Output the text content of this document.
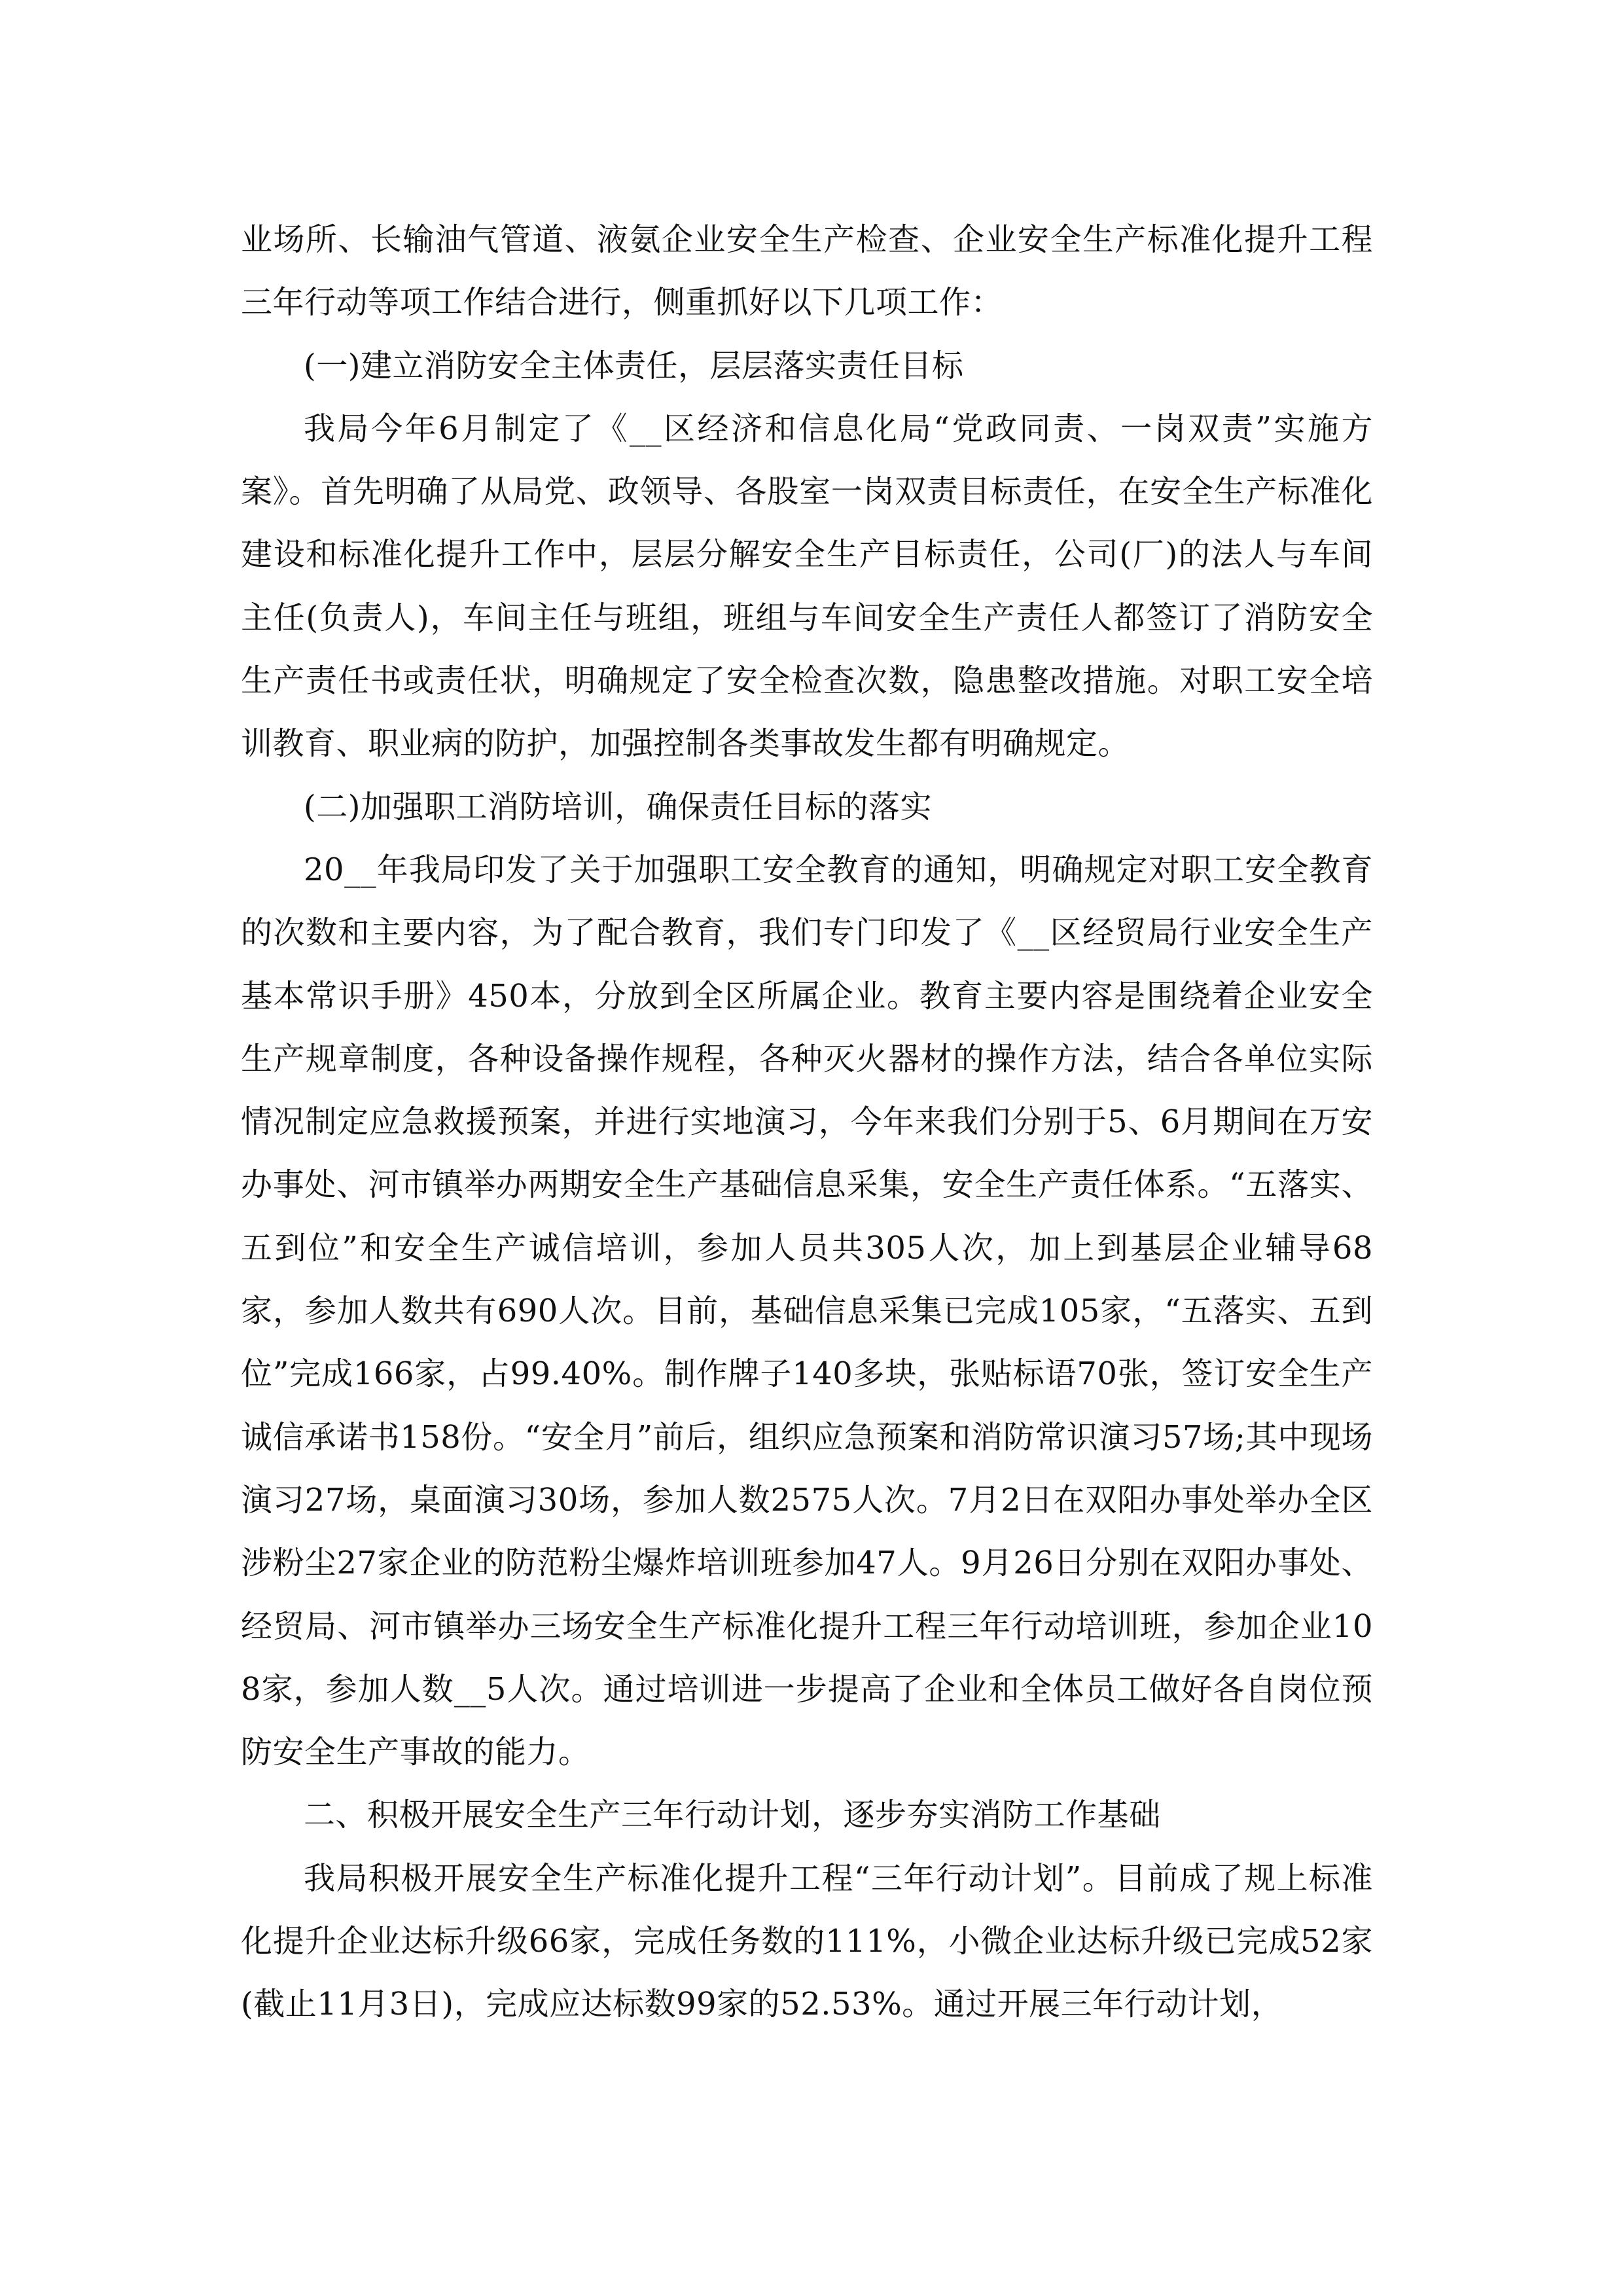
业场所、长输油气管道、液氨企业安全生产检查、企业安全生产标准化提升工程三年行动等项工作结合进行，侧重抓好以下几项工作：

(一)建立消防安全主体责任，层层落实责任目标

我局今年6月制定了《__区经济和信息化局“党政同责、一岗双责”实施方案》。首先明确了从局党、政领导、各股室一岗双责目标责任，在安全生产标准化建设和标准化提升工作中，层层分解安全生产目标责任，公司(厂)的法人与车间主任(负责人)，车间主任与班组，班组与车间安全生产责任人都签订了消防安全生产责任书或责任状，明确规定了安全检查次数，隐患整改措施。对职工安全培训教育、职业病的防护，加强控制各类事故发生都有明确规定。

(二)加强职工消防培训，确保责任目标的落实

20__年我局印发了关于加强职工安全教育的通知，明确规定对职工安全教育的次数和主要内容，为了配合教育，我们专门印发了《__区经贸局行业安全生产基本常识手册》450本，分放到全区所属企业。教育主要内容是围绕着企业安全生产规章制度，各种设备操作规程，各种灭火器材的操作方法，结合各单位实际情况制定应急救援预案，并进行实地演习，今年来我们分别于5、6月期间在万安办事处、河市镇举办两期安全生产基础信息采集，安全生产责任体系。“五落实、五到位”和安全生产诚信培训，参加人员共305人次，加上到基层企业辅导68家，参加人数共有690人次。目前，基础信息采集已完成105家，“五落实、五到位”完成166家，占99.40%。制作牌子140多块，张贴标语70张，签订安全生产诚信承诺书158份。“安全月”前后，组织应急预案和消防常识演习57场;其中现场演习27场，桌面演习30场，参加人数2575人次。7月2日在双阳办事处举办全区涉粉尘27家企业的防范粉尘爆炸培训班参加47人。9月26日分别在双阳办事处、经贸局、河市镇举办三场安全生产标准化提升工程三年行动培训班，参加企业108家，参加人数__5人次。通过培训进一步提高了企业和全体员工做好各自岗位预防安全生产事故的能力。

二、积极开展安全生产三年行动计划，逐步夯实消防工作基础

我局积极开展安全生产标准化提升工程“三年行动计划”。目前成了规上标准化提升企业达标升级66家，完成任务数的111%，小微企业达标升级已完成52家(截止11月3日)，完成应达标数99家的52.53%。通过开展三年行动计划，
